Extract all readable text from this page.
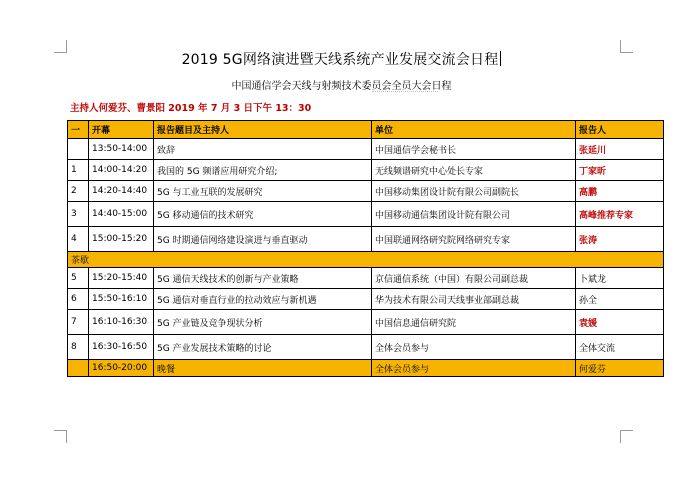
2019 5G网络演进暨天线系统产业发展交流会日程
中国通信学会天线与射频技术委员会全员大会日程
主持人何爱芬、曹景阳 2019 年 7 月 3 日下午 13：30
一	开幕	报告题目及主持人	单位	报告人
	13:50-14:00	致辞	中国通信学会秘书长	张延川
1	14:00-14:20	我国的 5G 频谱应用研究介绍;	无线频谱研究中心处长专家	丁家昕
2	14:20-14:40	5G 与工业互联的发展研究	中国移动集团设计院有限公司副院长	高鹏
3	14:40-15:00	5G 移动通信的技术研究	中国移动通信集团设计院有限公司	高峰推荐专家
4	15:00-15:20	5G 时期通信网络建设演进与垂直驱动	中国联通网络研究院网络研究专家	张涛
茶歇				
5	15:20-15:40	5G 通信天线技术的创新与产业策略	京信通信系统（中国）有限公司副总裁	卜斌龙
6	15:50-16:10	5G 通信对垂直行业的拉动效应与新机遇	华为技术有限公司天线事业部副总裁	孙全
7	16:10-16:30	5G 产业链及竞争现状分析	中国信息通信研究院	袁媛
8	16:30-16:50	5G 产业发展技术策略的讨论	全体会员参与	全体交流
	16:50-20:00	晚餐	全体会员参与	何爱芬
